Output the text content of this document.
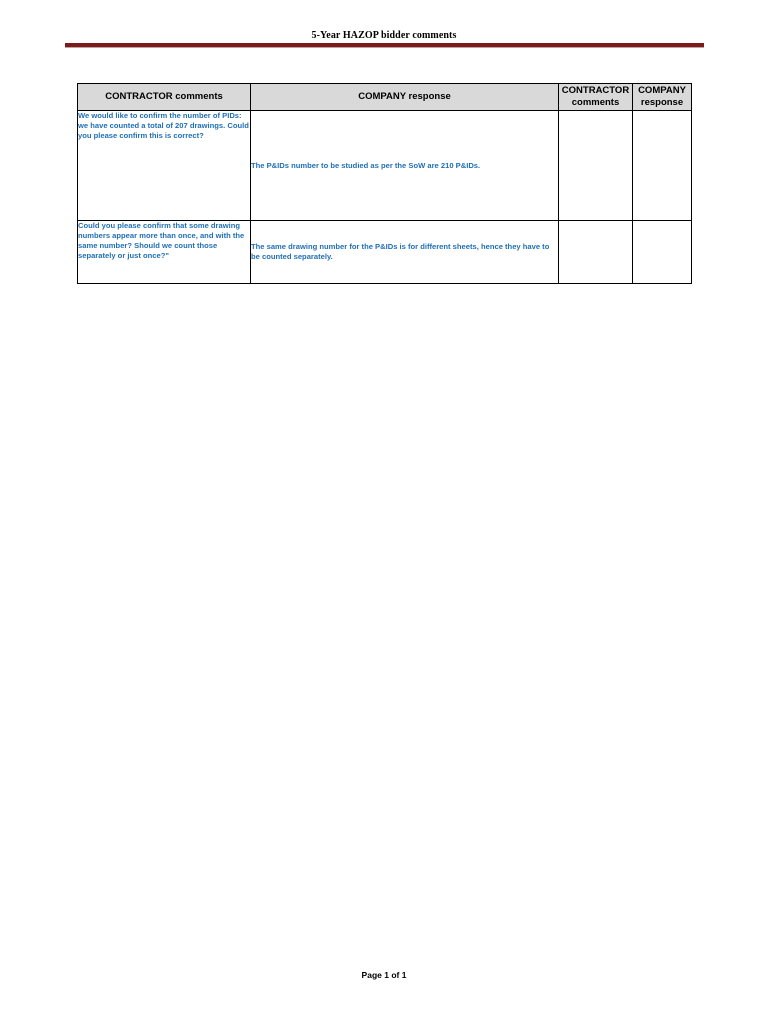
5-Year HAZOP bidder comments
CONTRACTOR comments	COMPANY response	CONTRACTOR comments	COMPANY response
We would like to confirm the number of PIDs: we have counted a total of 207 drawings. Could you please confirm this is correct?	The P&IDs number to be studied as per the SoW are 210 P&IDs.		
Could you please confirm that some drawing numbers appear more than once, and with the same number? Should we count those separately or just once?"	The same drawing number for the P&IDs is for different sheets, hence they have to be counted separately.		
Page 1 of 1
